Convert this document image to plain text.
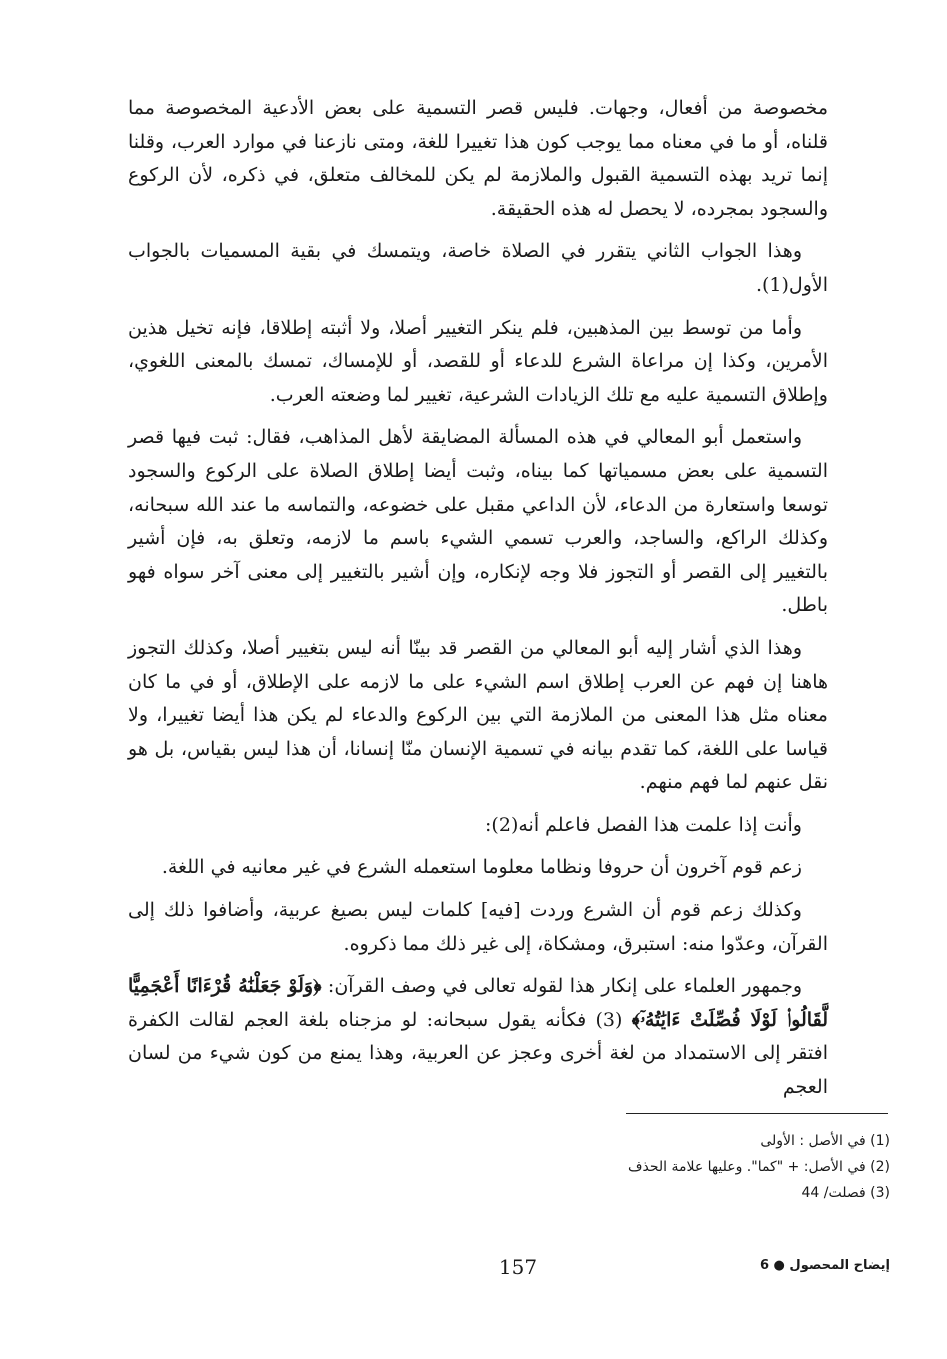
مخصوصة من أفعال، وجهات. فليس قصر التسمية على بعض الأدعية المخصوصة مما قلناه، أو ما في معناه مما يوجب كون هذا تغييرا للغة، ومتى نازعنا في موارد العرب، وقلنا إنما تريد بهذه التسمية القبول والملازمة لم يكن للمخالف متعلق، في ذكره، لأن الركوع والسجود بمجرده، لا يحصل له هذه الحقيقة.

وهذا الجواب الثاني يتقرر في الصلاة خاصة، ويتمسك في بقية المسميات بالجواب الأول(1).

وأما من توسط بين المذهبين، فلم ينكر التغيير أصلا، ولا أثبته إطلاقا، فإنه تخيل هذين الأمرين، وكذا إن مراعاة الشرع للدعاء أو للقصد، أو للإمساك، تمسك بالمعنى اللغوي، وإطلاق التسمية عليه مع تلك الزيادات الشرعية، تغيير لما وضعته العرب.

واستعمل أبو المعالي في هذه المسألة المضايقة لأهل المذاهب، فقال: ثبت فيها قصر التسمية على بعض مسمياتها كما بيناه، وثبت أيضا إطلاق الصلاة على الركوع والسجود توسعا واستعارة من الدعاء، لأن الداعي مقبل على خضوعه، والتماسه ما عند الله سبحانه، وكذلك الراكع، والساجد، والعرب تسمي الشيء باسم ما لازمه، وتعلق به، فإن أشير بالتغيير إلى القصر أو التجوز فلا وجه لإنكاره، وإن أشير بالتغيير إلى معنى آخر سواه فهو باطل.

وهذا الذي أشار إليه أبو المعالي من القصر قد بينّا أنه ليس بتغيير أصلا، وكذلك التجوز هاهنا إن فهم عن العرب إطلاق اسم الشيء على ما لازمه على الإطلاق، أو في ما كان معناه مثل هذا المعنى من الملازمة التي بين الركوع والدعاء لم يكن هذا أيضا تغييرا، ولا قياسا على اللغة، كما تقدم بيانه في تسمية الإنسان منّا إنسانا، أن هذا ليس بقياس، بل هو نقل عنهم لما فهم منهم.

وأنت إذا علمت هذا الفصل فاعلم أنه(2):

زعم قوم آخرون أن حروفا ونظاما معلوما استعمله الشرع في غير معانيه في اللغة.

وكذلك زعم قوم أن الشرع وردت [فيه] كلمات ليس بصيغ عربية، وأضافوا ذلك إلى القرآن، وعدّوا منه: استبرق، ومشكاة، إلى غير ذلك مما ذكروه.

وجمهور العلماء على إنكار هذا لقوله تعالى في وصف القرآن: ﴿وَلَوْ جَعَلْنَٰهُ قُرْءَانًا أَعْجَمِيًّا لَّقَالُوا۟ لَوْلَا فُصِّلَتْ ءَايَٰتُهُۥٓ﴾ (3) فكأنه يقول سبحانه: لو مزجناه بلغة العجم لقالت الكفرة افتقر إلى الاستمداد من لغة أخرى وعجز عن العربية، وهذا يمنع من كون شيء من لسان العجم

(1) في الأصل : الأولى
(2) في الأصل: + "كما". وعليها علامة الحذف
(3) فصلت/ 44
157	إيضاح المحصول ● 6
